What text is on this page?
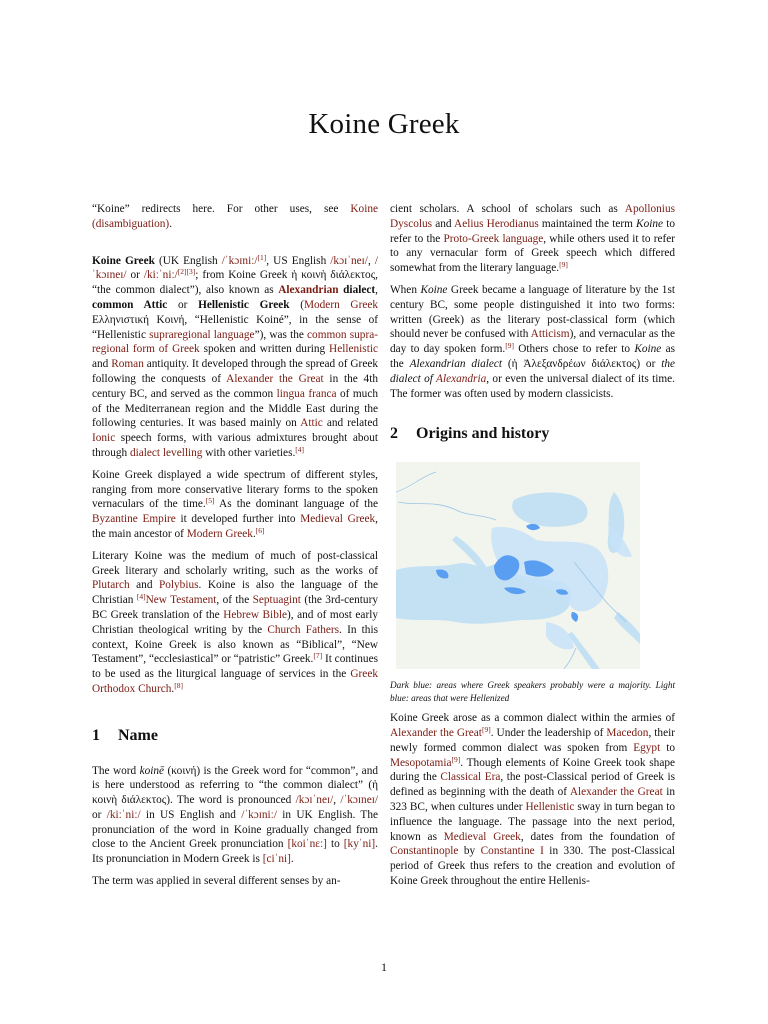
Koine Greek

“Koine” redirects here. For other uses, see Koine (disambiguation).

Koine Greek (UK English /ˈkɔɪniː/[1], US English /kɔɪˈneɪ/, /ˈkɔɪneɪ/ or /kiːˈniː/[2][3]; from Koine Greek ἡ κοινὴ διάλεκτος, “the common dialect”), also known as Alexandrian dialect, common Attic or Hellenistic Greek (Modern Greek Ελληνιστική Κοινή, “Hellenistic Koiné”, in the sense of “Hellenistic supraregional language”), was the common supra-regional form of Greek spoken and written during Hellenistic and Roman antiquity. It developed through the spread of Greek following the conquests of Alexander the Great in the 4th century BC, and served as the common lingua franca of much of the Mediterranean region and the Middle East during the following centuries. It was based mainly on Attic and related Ionic speech forms, with various admixtures brought about through dialect levelling with other varieties.[4]

Koine Greek displayed a wide spectrum of different styles, ranging from more conservative literary forms to the spoken vernaculars of the time.[5] As the dominant language of the Byzantine Empire it developed further into Medieval Greek, the main ancestor of Modern Greek.[6]

Literary Koine was the medium of much of post-classical Greek literary and scholarly writing, such as the works of Plutarch and Polybius. Koine is also the language of the Christian [4]New Testament, of the Septuagint (the 3rd-century BC Greek translation of the Hebrew Bible), and of most early Christian theological writing by the Church Fathers. In this context, Koine Greek is also known as “Biblical”, “New Testament”, “ecclesiastical” or “patristic” Greek.[7] It continues to be used as the liturgical language of services in the Greek Orthodox Church.[8]

1 Name

The word koinē (κοινή) is the Greek word for “common”, and is here understood as referring to “the common dialect” (ἡ κοινὴ διάλεκτος). The word is pronounced /kɔɪˈneɪ/, /ˈkɔɪneɪ/ or /kiːˈniː/ in US English and /ˈkɔɪniː/ in UK English. The pronunciation of the word in Koine gradually changed from close to the Ancient Greek pronunciation [koiˈnɛː] to [kyˈni]. Its pronunciation in Modern Greek is [ciˈni].

The term was applied in several different senses by an-

cient scholars. A school of scholars such as Apollonius Dyscolus and Aelius Herodianus maintained the term Koine to refer to the Proto-Greek language, while others used it to refer to any vernacular form of Greek speech which differed somewhat from the literary language.[9]

When Koine Greek became a language of literature by the 1st century BC, some people distinguished it into two forms: written (Greek) as the literary post-classical form (which should never be confused with Atticism), and vernacular as the day to day spoken form.[9] Others chose to refer to Koine as the Alexandrian dialect (ἡ Ἀλεξανδρέων διάλεκτος) or the dialect of Alexandria, or even the universal dialect of its time. The former was often used by modern classicists.

2 Origins and history

Dark blue: areas where Greek speakers probably were a majority. Light blue: areas that were Hellenized

Koine Greek arose as a common dialect within the armies of Alexander the Great[9]. Under the leadership of Macedon, their newly formed common dialect was spoken from Egypt to Mesopotamia[9]. Though elements of Koine Greek took shape during the Classical Era, the post-Classical period of Greek is defined as beginning with the death of Alexander the Great in 323 BC, when cultures under Hellenistic sway in turn began to influence the language. The passage into the next period, known as Medieval Greek, dates from the foundation of Constantinople by Constantine I in 330. The post-Classical period of Greek thus refers to the creation and evolution of Koine Greek throughout the entire Hellenis-

1
